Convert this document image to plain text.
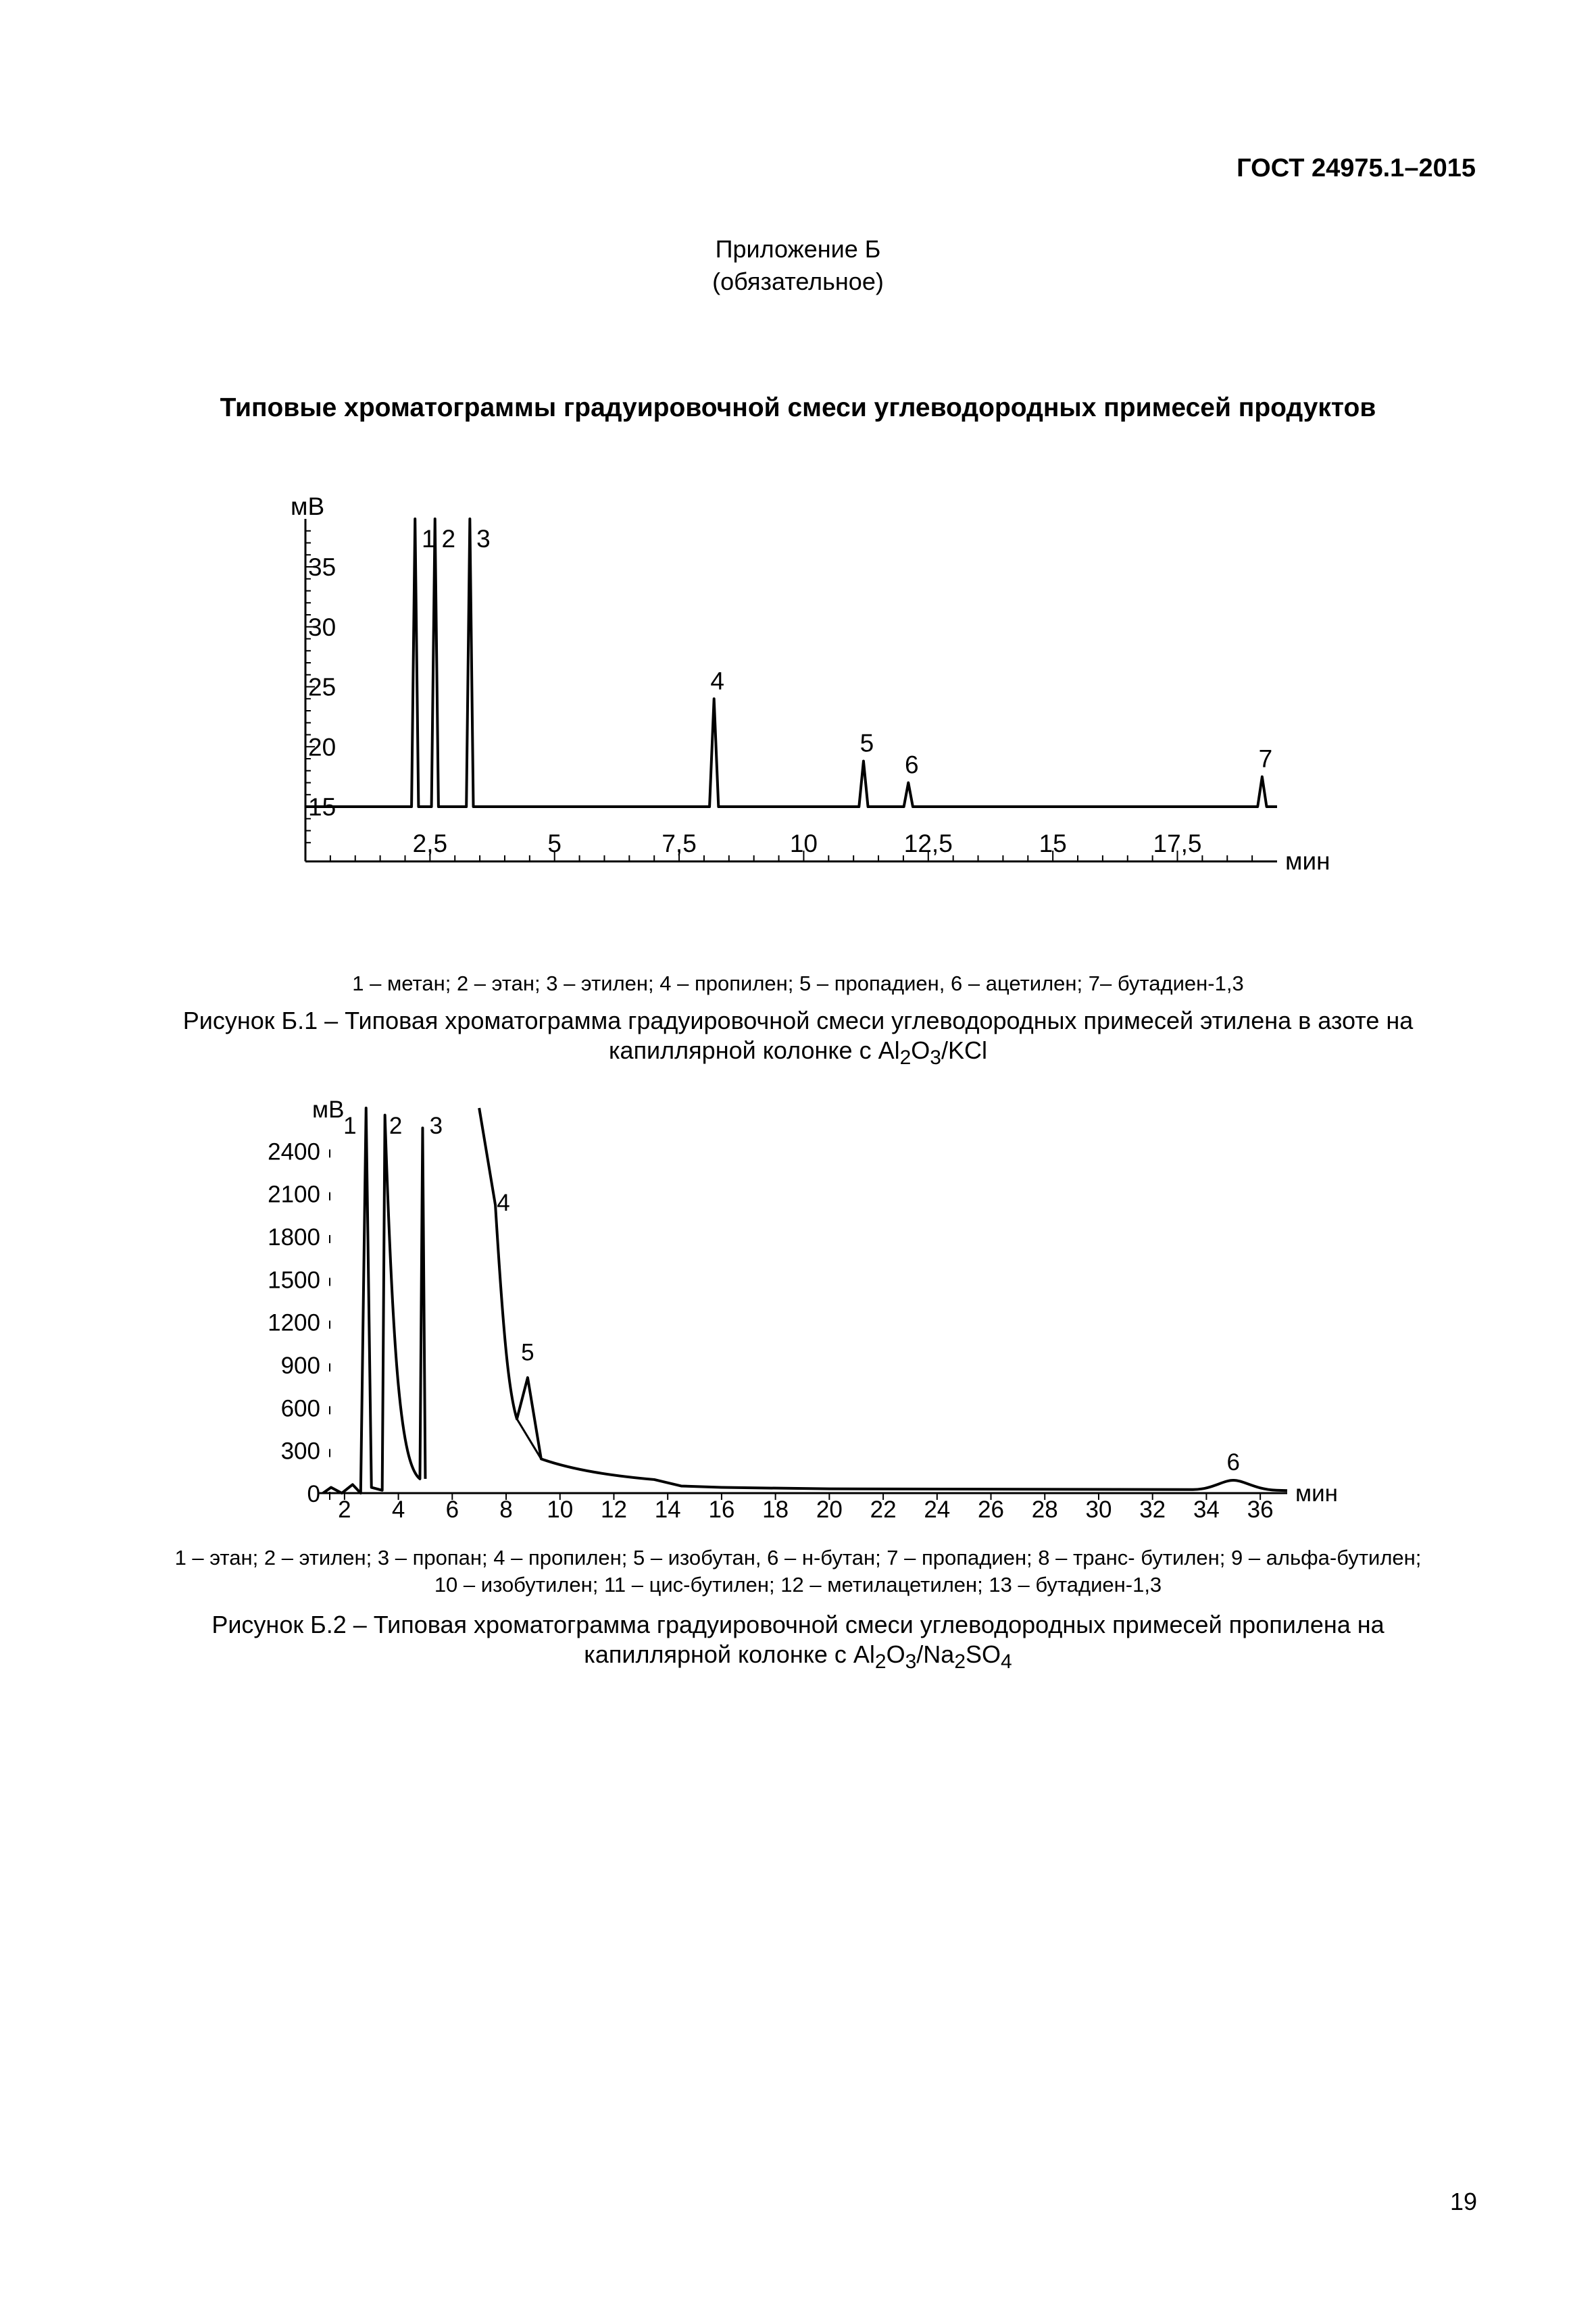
ГОСТ 24975.1–2015
Приложение Б
(обязательное)
Типовые хроматограммы градуировочной смеси углеводородных примесей продуктов
мВ
мин
15
20
25
30
35
2,5	5	7,5	10	12,5	15	17,5
1 2 3
4
5
6	7
1 – метан; 2 – этан; 3 – этилен; 4 – пропилен; 5 – пропадиен, 6 – ацетилен; 7– бутадиен-1,3
Рисунок Б.1 – Типовая хроматограмма градуировочной смеси углеводородных примесей этилена в азоте на
капиллярной колонке с $Al_2O_3$/KCl
мВ
мин
0
300
600
900
1200
1500
1800
2100
2400
2 4 6 8 10 12 14 16 18 20 22 24 26 28 30 32 34 36
1 2 3
4
5
6
1 – этан; 2 – этилен; 3 – пропан; 4 – пропилен; 5 – изобутан, 6 – н-бутан; 7 – пропадиен; 8 – транс- бутилен; 9 – альфа-бутилен;
10 – изобутилен; 11 – цис-бутилен; 12 – метилацетилен; 13 – бутадиен-1,3
Рисунок Б.2 – Типовая хроматограмма градуировочной смеси углеводородных примесей пропилена на
капиллярной колонке с $Al_2O_3/Na_2SO_4$
19
